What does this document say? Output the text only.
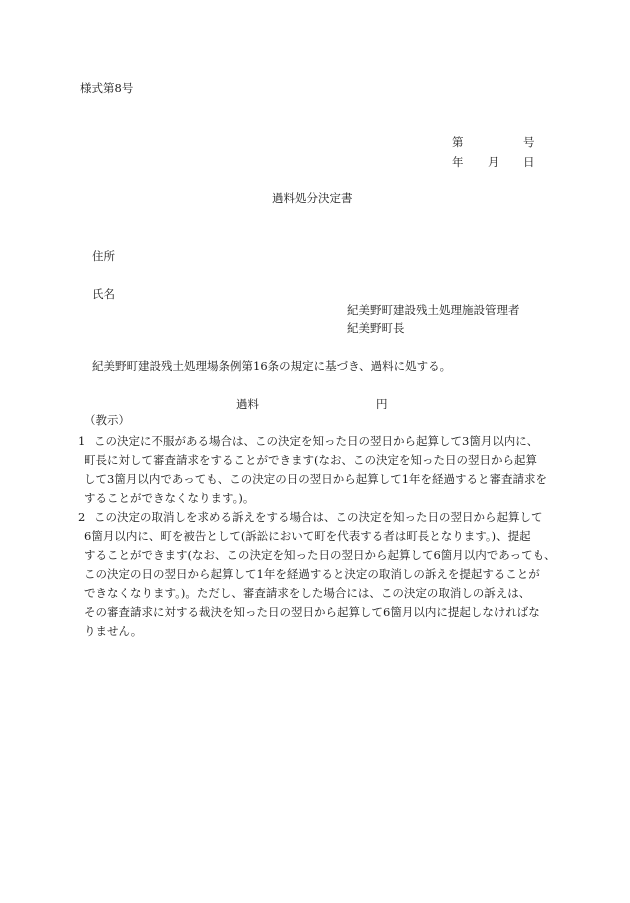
様式第8号
第	号
年 月 日
過料処分決定書
住所
氏名
紀美野町建設残土処理施設管理者
紀美野町長
紀美野町建設残土処理場条例第16条の規定に基づき、過料に処する。
過料	円
（教示）
1 この決定に不服がある場合は、この決定を知った日の翌日から起算して3箇月以内に、
町長に対して審査請求をすることができます(なお、この決定を知った日の翌日から起算
して3箇月以内であっても、この決定の日の翌日から起算して1年を経過すると審査請求を
することができなくなります。)。
2 この決定の取消しを求める訴えをする場合は、この決定を知った日の翌日から起算して
6箇月以内に、町を被告として(訴訟において町を代表する者は町長となります。)、提起
することができます(なお、この決定を知った日の翌日から起算して6箇月以内であっても、
この決定の日の翌日から起算して1年を経過すると決定の取消しの訴えを提起することが
できなくなります。)。ただし、審査請求をした場合には、この決定の取消しの訴えは、
その審査請求に対する裁決を知った日の翌日から起算して6箇月以内に提起しなければな
りません。
